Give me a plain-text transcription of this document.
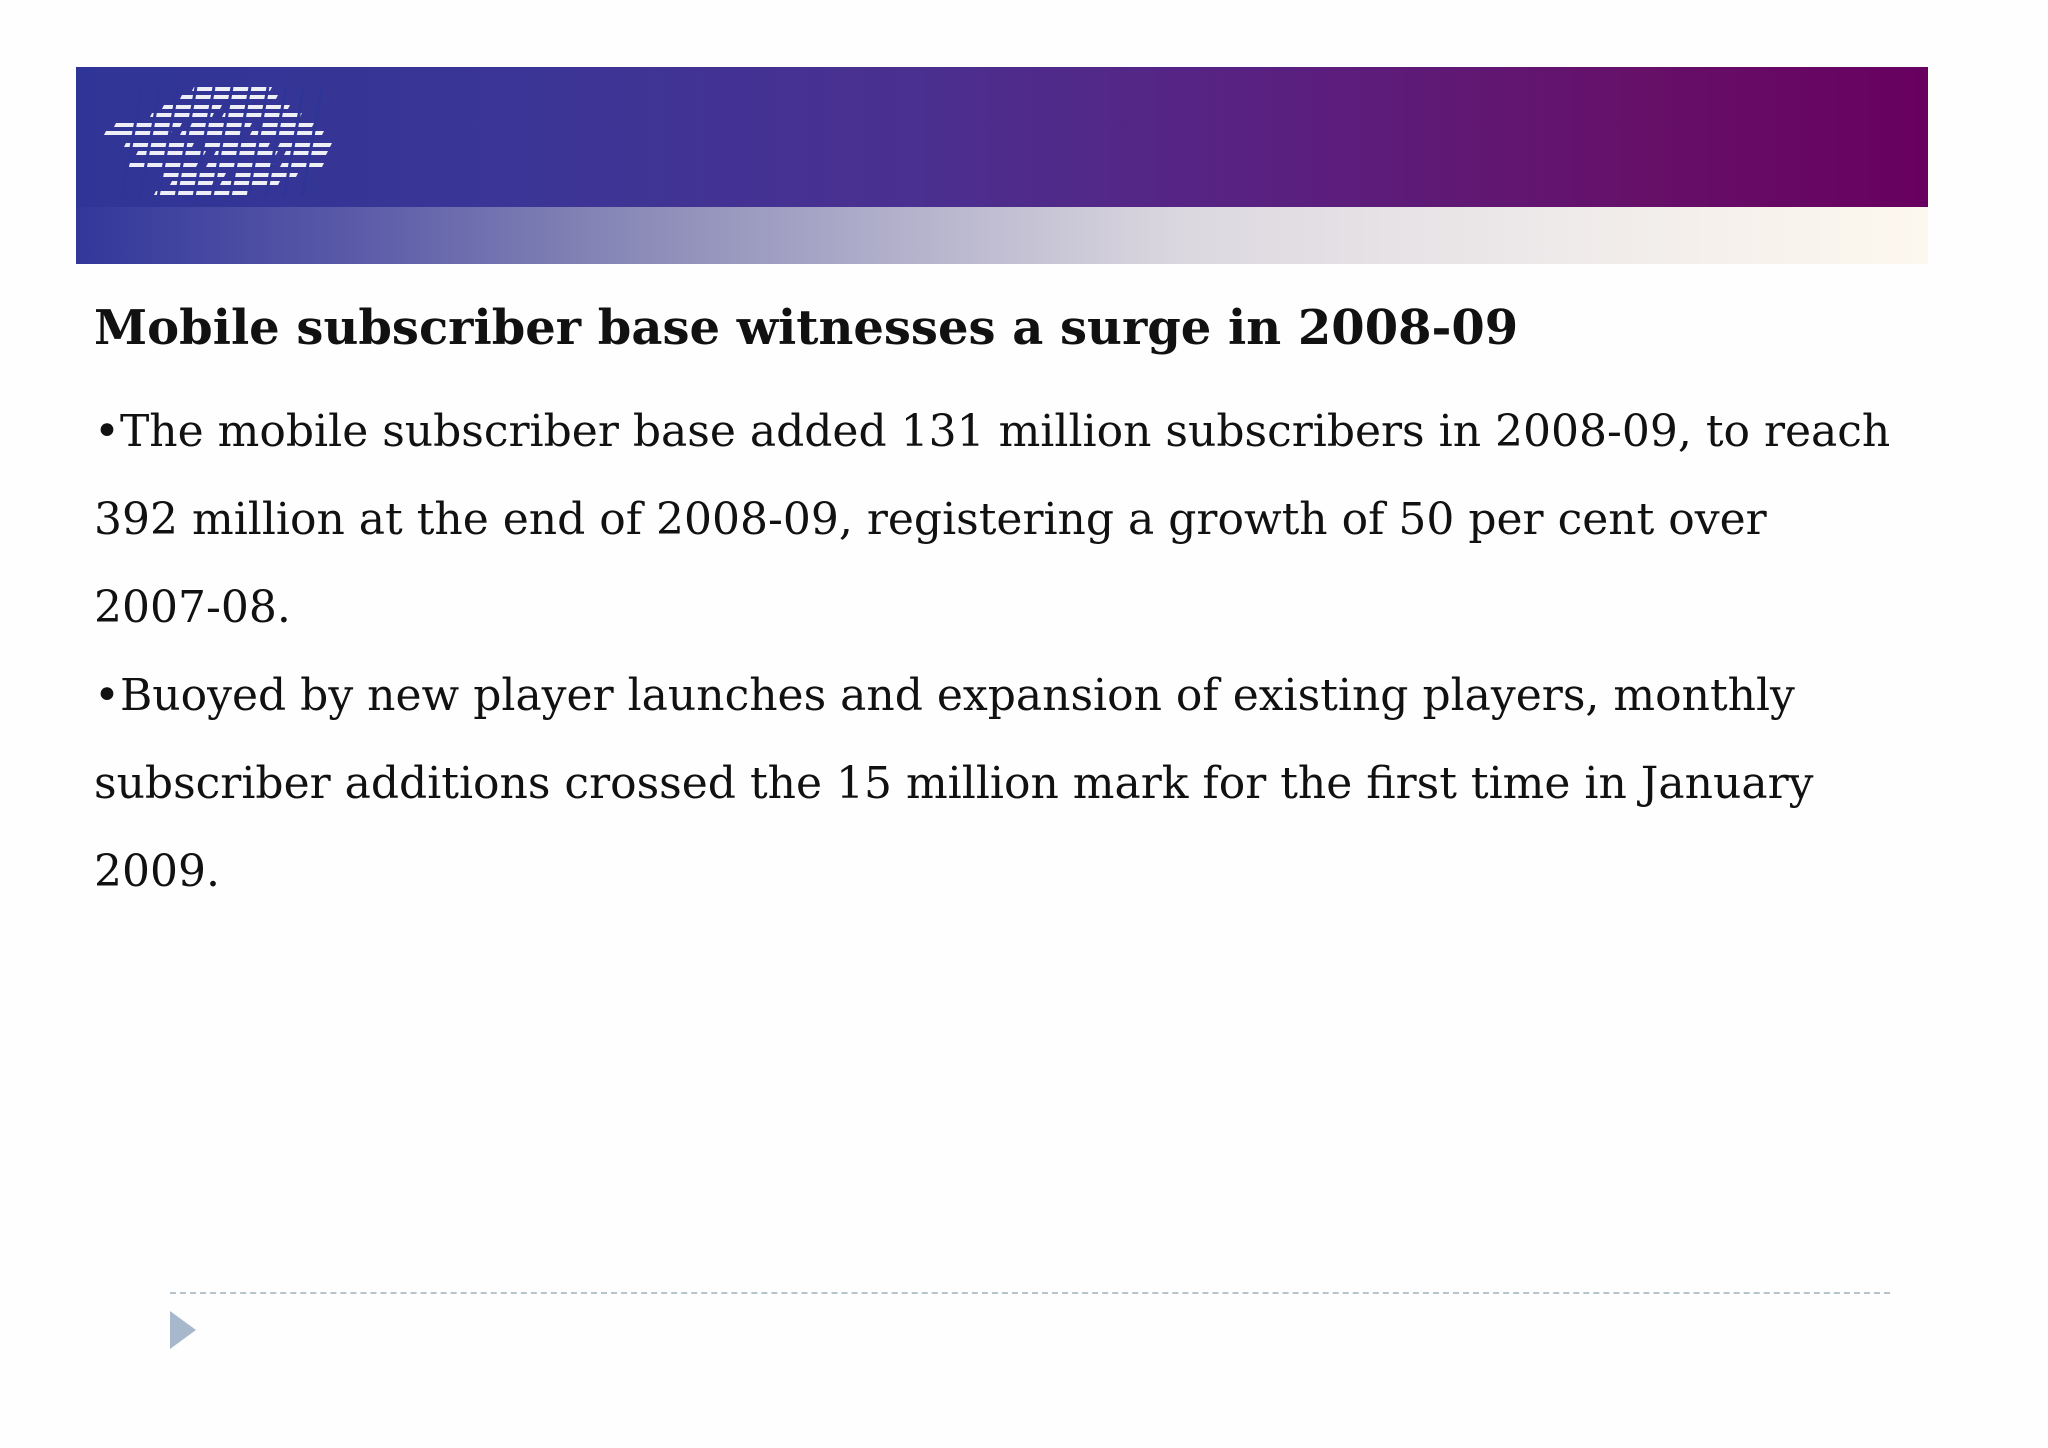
Mobile subscriber base witnesses a surge in 2008-09

•The mobile subscriber base added 131 million subscribers in 2008-09, to reach 392 million at the end of 2008-09, registering a growth of 50 per cent over 2007-08.

•Buoyed by new player launches and expansion of existing players, monthly subscriber additions crossed the 15 million mark for the first time in January 2009.
